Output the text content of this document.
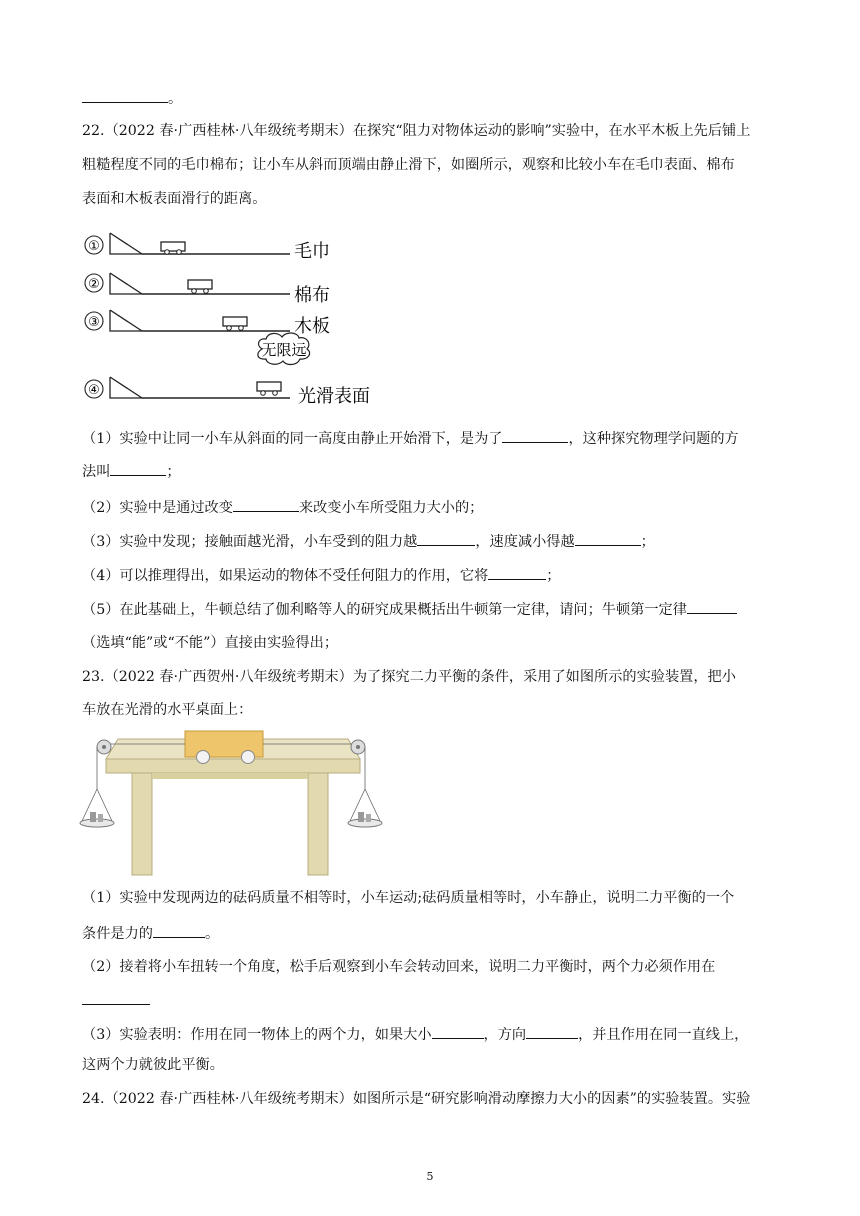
。
22.（2022 春·广西桂林·八年级统考期末）在探究“阻力对物体运动的影响”实验中，在水平木板上先后铺上
粗糙程度不同的毛巾棉布；让小车从斜而顶端由静止滑下，如圈所示，观察和比较小车在毛巾表面、棉布
表面和木板表面滑行的距离。
①	毛巾
②
棉布
③	木板
无限远
④	光滑表面
（1）实验中让同一小车从斜面的同一高度由静止开始滑下，是为了	，这种探究物理学问题的方
法叫	；
（2）实验中是通过改变	来改变小车所受阻力大小的；
（3）实验中发现；接触面越光滑，小车受到的阻力越	，速度减小得越	；
（4）可以推理得出，如果运动的物体不受任何阻力的作用，它将	；
（5）在此基础上，牛顿总结了伽利略等人的研究成果概括出牛顿第一定律，请问；牛顿第一定律
（选填“能”或“不能”）直接由实验得出；
23.（2022 春·广西贺州·八年级统考期末）为了探究二力平衡的条件，采用了如图所示的实验装置，把小
车放在光滑的水平桌面上：
（1）实验中发现两边的砝码质量不相等时，小车运动;砝码质量相等时，小车静止，说明二力平衡的一个
条件是力的	。
（2）接着将小车扭转一个角度，松手后观察到小车会转动回来，说明二力平衡时，两个力必须作用在
（3）实验表明：作用在同一物体上的两个力，如果大小	，方向	，并且作用在同一直线上，
这两个力就彼此平衡。
24.（2022 春·广西桂林·八年级统考期末）如图所示是“研究影响滑动摩擦力大小的因素”的实验装置。实验
5
